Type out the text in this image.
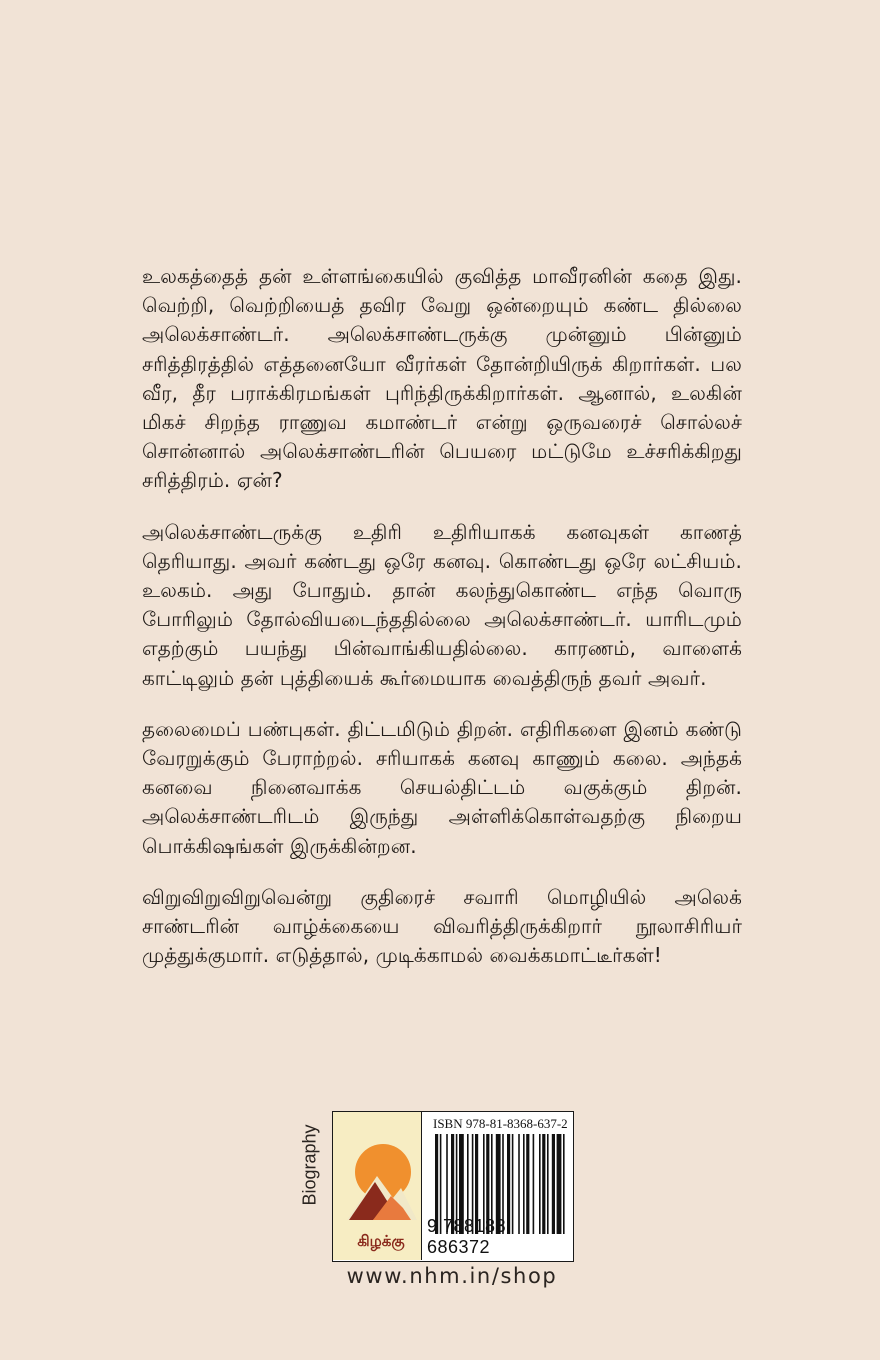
உலகத்தைத் தன் உள்ளங்கையில் குவித்த மாவீரனின் கதை இது. வெற்றி, வெற்றியைத் தவிர வேறு ஒன்றையும் கண்ட தில்லை அலெக்சாண்டர். அலெக்சாண்டருக்கு முன்னும் பின்னும் சரித்திரத்தில் எத்தனையோ வீரர்கள் தோன்றியிருக் கிறார்கள். பல வீர, தீர பராக்கிரமங்கள் புரிந்திருக்கிறார்கள். ஆனால், உலகின் மிகச் சிறந்த ராணுவ கமாண்டர் என்று ஒருவரைச் சொல்லச் சொன்னால் அலெக்சாண்டரின் பெயரை மட்டுமே உச்சரிக்கிறது சரித்திரம். ஏன்?

அலெக்சாண்டருக்கு உதிரி உதிரியாகக் கனவுகள் காணத் தெரியாது. அவர் கண்டது ஒரே கனவு. கொண்டது ஒரே லட்சியம். உலகம். அது போதும். தான் கலந்துகொண்ட எந்த வொரு போரிலும் தோல்வியடைந்ததில்லை அலெக்சாண்டர். யாரிடமும் எதற்கும் பயந்து பின்வாங்கியதில்லை. காரணம், வாளைக் காட்டிலும் தன் புத்தியைக் கூர்மையாக வைத்திருந் தவர் அவர்.

தலைமைப் பண்புகள். திட்டமிடும் திறன். எதிரிகளை இனம் கண்டு வேரறுக்கும் பேராற்றல். சரியாகக் கனவு காணும் கலை. அந்தக் கனவை நினைவாக்க செயல்திட்டம் வகுக்கும் திறன். அலெக்சாண்டரிடம் இருந்து அள்ளிக்கொள்வதற்கு நிறைய பொக்கிஷங்கள் இருக்கின்றன.

விறுவிறுவிறுவென்று குதிரைச் சவாரி மொழியில் அலெக் சாண்டரின் வாழ்க்கையை விவரித்திருக்கிறார் நூலாசிரியர் முத்துக்குமார். எடுத்தால், முடிக்காமல் வைக்கமாட்டீர்கள்!

Biography
கிழக்கு
ISBN 978-81-8368-637-2
9 788183 686372
www.nhm.in/shop
